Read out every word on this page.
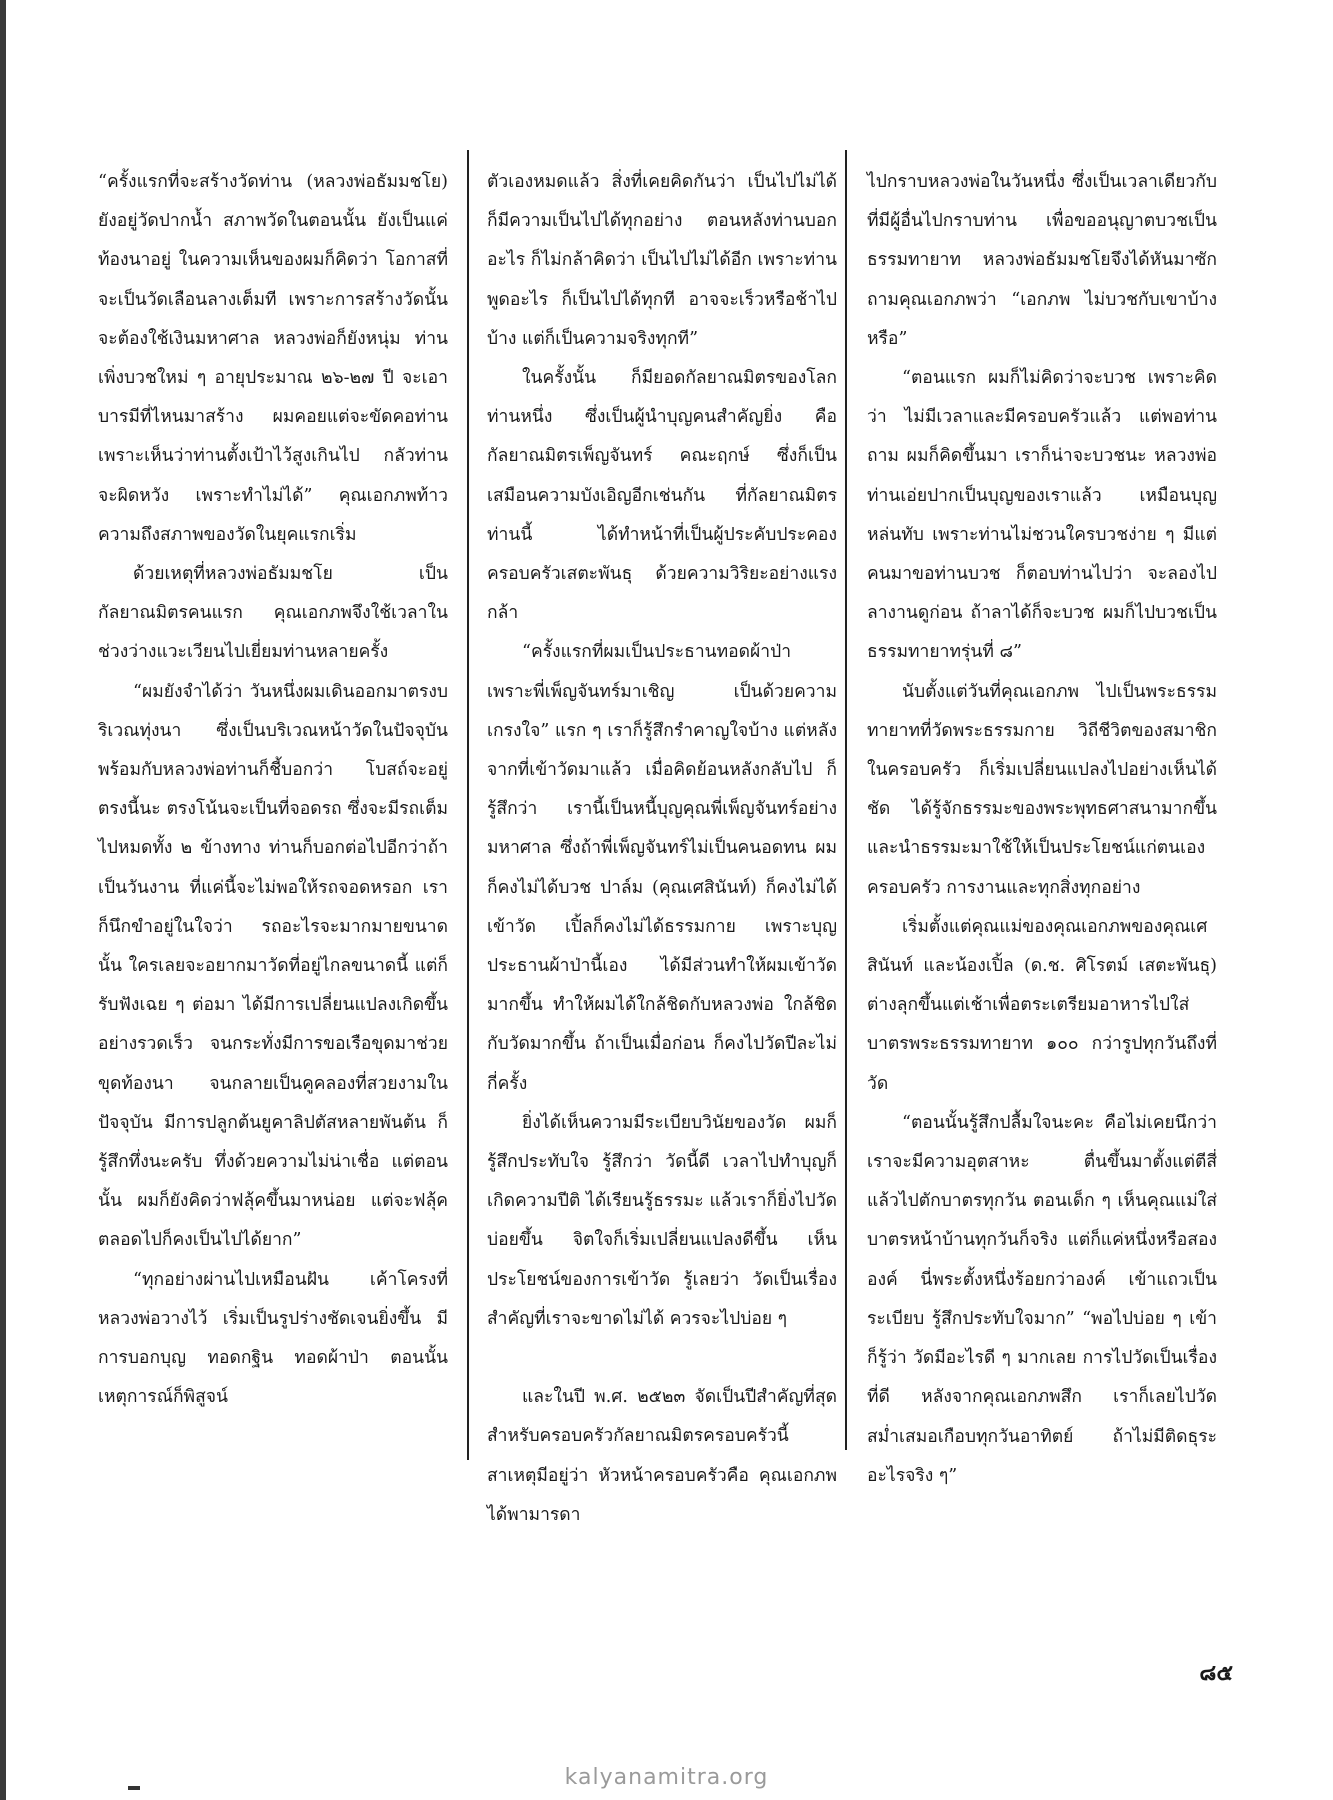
“ครั้งแรกที่จะสร้างวัดท่าน (หลวงพ่อธัมมชโย) ยังอยู่วัดปากน้ำ สภาพวัดในตอนนั้น ยังเป็นแค่ท้องนาอยู่ ในความเห็นของผมก็คิดว่า โอกาสที่จะเป็นวัดเลือนลางเต็มที เพราะการสร้างวัดนั้นจะต้องใช้เงินมหาศาล หลวงพ่อก็ยังหนุ่ม ท่านเพิ่งบวชใหม่ ๆ อายุประมาณ ๒๖-๒๗ ปี จะเอาบารมีที่ไหนมาสร้าง ผมคอยแต่จะขัดคอท่านเพราะเห็นว่าท่านตั้งเป้าไว้สูงเกินไป กลัวท่านจะผิดหวัง เพราะทำไม่ได้” คุณเอกภพท้าวความถึงสภาพของวัดในยุคแรกเริ่ม

ด้วยเหตุที่หลวงพ่อธัมมชโย เป็นกัลยาณมิตรคนแรก คุณเอกภพจึงใช้เวลาในช่วงว่างแวะเวียนไปเยี่ยมท่านหลายครั้ง

“ผมยังจำได้ว่า วันหนึ่งผมเดินออกมาตรงบริเวณทุ่งนา ซึ่งเป็นบริเวณหน้าวัดในปัจจุบันพร้อมกับหลวงพ่อท่านก็ชี้บอกว่า โบสถ์จะอยู่ตรงนี้นะ ตรงโน้นจะเป็นที่จอดรถ ซึ่งจะมีรถเต็มไปหมดทั้ง ๒ ข้างทาง ท่านก็บอกต่อไปอีกว่าถ้าเป็นวันงาน ที่แค่นี้จะไม่พอให้รถจอดหรอก เราก็นึกขำอยู่ในใจว่า รถอะไรจะมากมายขนาดนั้น ใครเลยจะอยากมาวัดที่อยู่ไกลขนาดนี้ แต่ก็รับฟังเฉย ๆ ต่อมา ได้มีการเปลี่ยนแปลงเกิดขึ้นอย่างรวดเร็ว จนกระทั่งมีการขอเรือขุดมาช่วยขุดท้องนา จนกลายเป็นคูคลองที่สวยงามในปัจจุบัน มีการปลูกต้นยูคาลิปตัสหลายพันต้น ก็รู้สึกทึ่งนะครับ ทึ่งด้วยความไม่น่าเชื่อ แต่ตอนนั้น ผมก็ยังคิดว่าฟลุ้คขึ้นมาหน่อย แต่จะฟลุ้คตลอดไปก็คงเป็นไปได้ยาก”

“ทุกอย่างผ่านไปเหมือนฝัน เค้าโครงที่หลวงพ่อวางไว้ เริ่มเป็นรูปร่างชัดเจนยิ่งขึ้น มีการบอกบุญ ทอดกฐิน ทอดผ้าป่า ตอนนั้น เหตุการณ์ก็พิสูจน์

ตัวเองหมดแล้ว สิ่งที่เคยคิดกันว่า เป็นไปไม่ได้ ก็มีความเป็นไปได้ทุกอย่าง ตอนหลังท่านบอกอะไร ก็ไม่กล้าคิดว่า เป็นไปไม่ได้อีก เพราะท่านพูดอะไร ก็เป็นไปได้ทุกที อาจจะเร็วหรือช้าไปบ้าง แต่ก็เป็นความจริงทุกที”

ในครั้งนั้น ก็มียอดกัลยาณมิตรของโลกท่านหนึ่ง ซึ่งเป็นผู้นำบุญคนสำคัญยิ่ง คือ กัลยาณมิตรเพ็ญจันทร์ คณะฤกษ์ ซึ่งก็เป็นเสมือนความบังเอิญอีกเช่นกัน ที่กัลยาณมิตรท่านนี้ ได้ทำหน้าที่เป็นผู้ประคับประคองครอบครัวเสตะพันธุ ด้วยความวิริยะอย่างแรงกล้า

“ครั้งแรกที่ผมเป็นประธานทอดผ้าป่า เพราะพี่เพ็ญจันทร์มาเชิญ เป็นด้วยความเกรงใจ” แรก ๆ เราก็รู้สึกรำคาญใจบ้าง แต่หลังจากที่เข้าวัดมาแล้ว เมื่อคิดย้อนหลังกลับไป ก็รู้สึกว่า เรานี้เป็นหนี้บุญคุณพี่เพ็ญจันทร์อย่างมหาศาล ซึ่งถ้าพี่เพ็ญจันทร์ไม่เป็นคนอดทน ผมก็คงไม่ได้บวช ปาล์ม (คุณเศสินันท์) ก็คงไม่ได้เข้าวัด เปิ้ลก็คงไม่ได้ธรรมกาย เพราะบุญประธานผ้าป่านี้เอง ได้มีส่วนทำให้ผมเข้าวัดมากขึ้น ทำให้ผมได้ใกล้ชิดกับหลวงพ่อ ใกล้ชิดกับวัดมากขึ้น ถ้าเป็นเมื่อก่อน ก็คงไปวัดปีละไม่กี่ครั้ง

ยิ่งได้เห็นความมีระเบียบวินัยของวัด ผมก็รู้สึกประทับใจ รู้สึกว่า วัดนี้ดี เวลาไปทำบุญก็เกิดความปีติ ได้เรียนรู้ธรรมะ แล้วเราก็ยิ่งไปวัดบ่อยขึ้น จิตใจก็เริ่มเปลี่ยนแปลงดีขึ้น เห็นประโยชน์ของการเข้าวัด รู้เลยว่า วัดเป็นเรื่องสำคัญที่เราจะขาดไม่ได้ ควรจะไปบ่อย ๆ

และในปี พ.ศ. ๒๕๒๓ จัดเป็นปีสำคัญที่สุด สำหรับครอบครัวกัลยาณมิตรครอบครัวนี้ สาเหตุมีอยู่ว่า หัวหน้าครอบครัวคือ คุณเอกภพ ได้พามารดา

ไปกราบหลวงพ่อในวันหนึ่ง ซึ่งเป็นเวลาเดียวกับที่มีผู้อื่นไปกราบท่าน เพื่อขออนุญาตบวชเป็นธรรมทายาท หลวงพ่อธัมมชโยจึงได้หันมาซักถามคุณเอกภพว่า “เอกภพ ไม่บวชกับเขาบ้างหรือ”

“ตอนแรก ผมก็ไม่คิดว่าจะบวช เพราะคิดว่า ไม่มีเวลาและมีครอบครัวแล้ว แต่พอท่านถาม ผมก็คิดขึ้นมา เราก็น่าจะบวชนะ หลวงพ่อท่านเอ่ยปากเป็นบุญของเราแล้ว เหมือนบุญหล่นทับ เพราะท่านไม่ชวนใครบวชง่าย ๆ มีแต่คนมาขอท่านบวช ก็ตอบท่านไปว่า จะลองไปลางานดูก่อน ถ้าลาได้ก็จะบวช ผมก็ไปบวชเป็นธรรมทายาทรุ่นที่ ๘”

นับตั้งแต่วันที่คุณเอกภพ ไปเป็นพระธรรมทายาทที่วัดพระธรรมกาย วิถีชีวิตของสมาชิกในครอบครัว ก็เริ่มเปลี่ยนแปลงไปอย่างเห็นได้ชัด ได้รู้จักธรรมะของพระพุทธศาสนามากขึ้น และนำธรรมะมาใช้ให้เป็นประโยชน์แก่ตนเอง ครอบครัว การงานและทุกสิ่งทุกอย่าง

เริ่มตั้งแต่คุณแม่ของคุณเอกภพของคุณเศสินันท์ และน้องเปิ้ล (ด.ช. ศิโรตม์ เสตะพันธุ) ต่างลุกขึ้นแต่เช้าเพื่อตระเตรียมอาหารไปใส่บาตรพระธรรมทายาท ๑๐๐ กว่ารูปทุกวันถึงที่วัด

“ตอนนั้นรู้สึกปลื้มใจนะคะ คือไม่เคยนึกว่า เราจะมีความอุตสาหะ ตื่นขึ้นมาตั้งแต่ตีสี่แล้วไปตักบาตรทุกวัน ตอนเด็ก ๆ เห็นคุณแม่ใส่บาตรหน้าบ้านทุกวันก็จริง แต่ก็แค่หนึ่งหรือสององค์ นี่พระตั้งหนึ่งร้อยกว่าองค์ เข้าแถวเป็นระเบียบ รู้สึกประทับใจมาก” “พอไปบ่อย ๆ เข้า ก็รู้ว่า วัดมีอะไรดี ๆ มากเลย การไปวัดเป็นเรื่องที่ดี หลังจากคุณเอกภพสึก เราก็เลยไปวัดสม่ำเสมอเกือบทุกวันอาทิตย์ ถ้าไม่มีติดธุระอะไรจริง ๆ”

๘๕
kalyanamitra.org
